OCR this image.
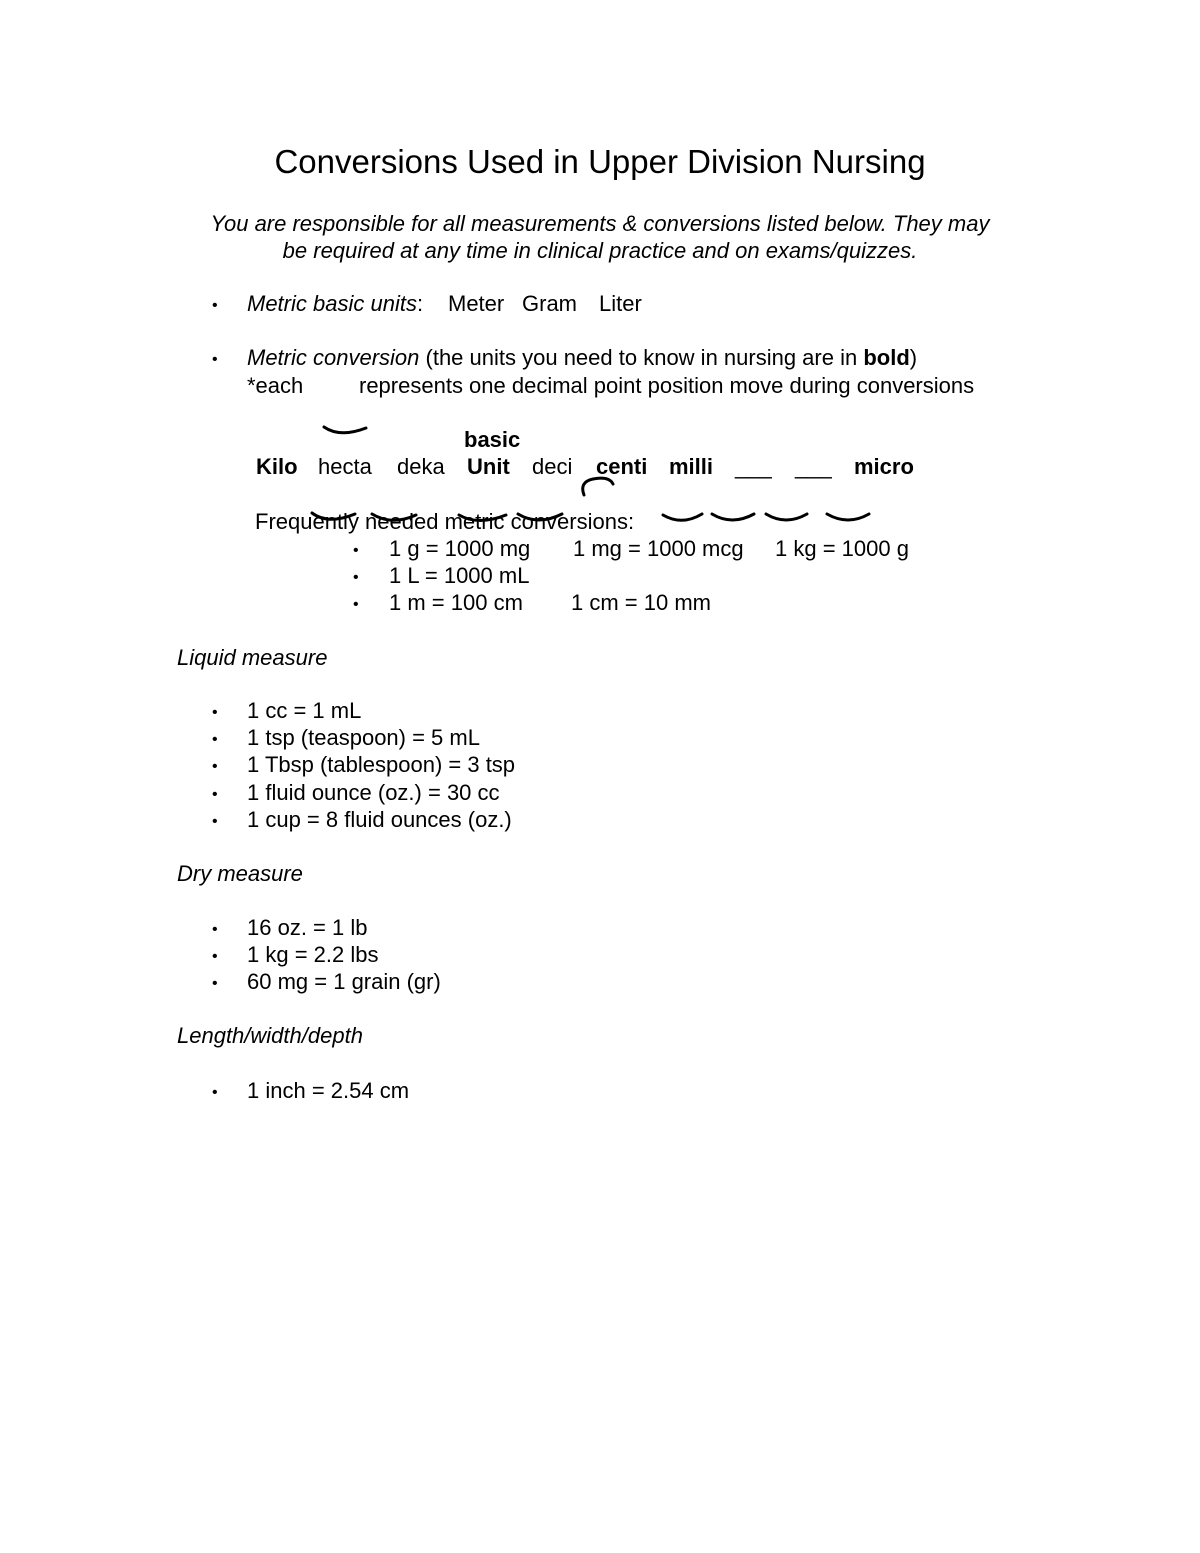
Conversions Used in Upper Division Nursing
You are responsible for all measurements & conversions listed below. They may
be required at any time in clinical practice and on exams/quizzes.
• Metric basic units: Meter Gram Liter
• Metric conversion (the units you need to know in nursing are in bold)
*each	represents one decimal point position move during conversions
basic
Kilo hecta deka Unit deci centi milli ___ ___ micro
Frequently needed metric conversions:
• 1 g = 1000 mg 1 mg = 1000 mcg 1 kg = 1000 g
• 1 L = 1000 mL
• 1 m = 100 cm 1 cm = 10 mm
Liquid measure
• 1 cc = 1 mL
• 1 tsp (teaspoon) = 5 mL
• 1 Tbsp (tablespoon) = 3 tsp
• 1 fluid ounce (oz.) = 30 cc
• 1 cup = 8 fluid ounces (oz.)
Dry measure
• 16 oz. = 1 lb
• 1 kg = 2.2 lbs
• 60 mg = 1 grain (gr)
Length/width/depth
• 1 inch = 2.54 cm
